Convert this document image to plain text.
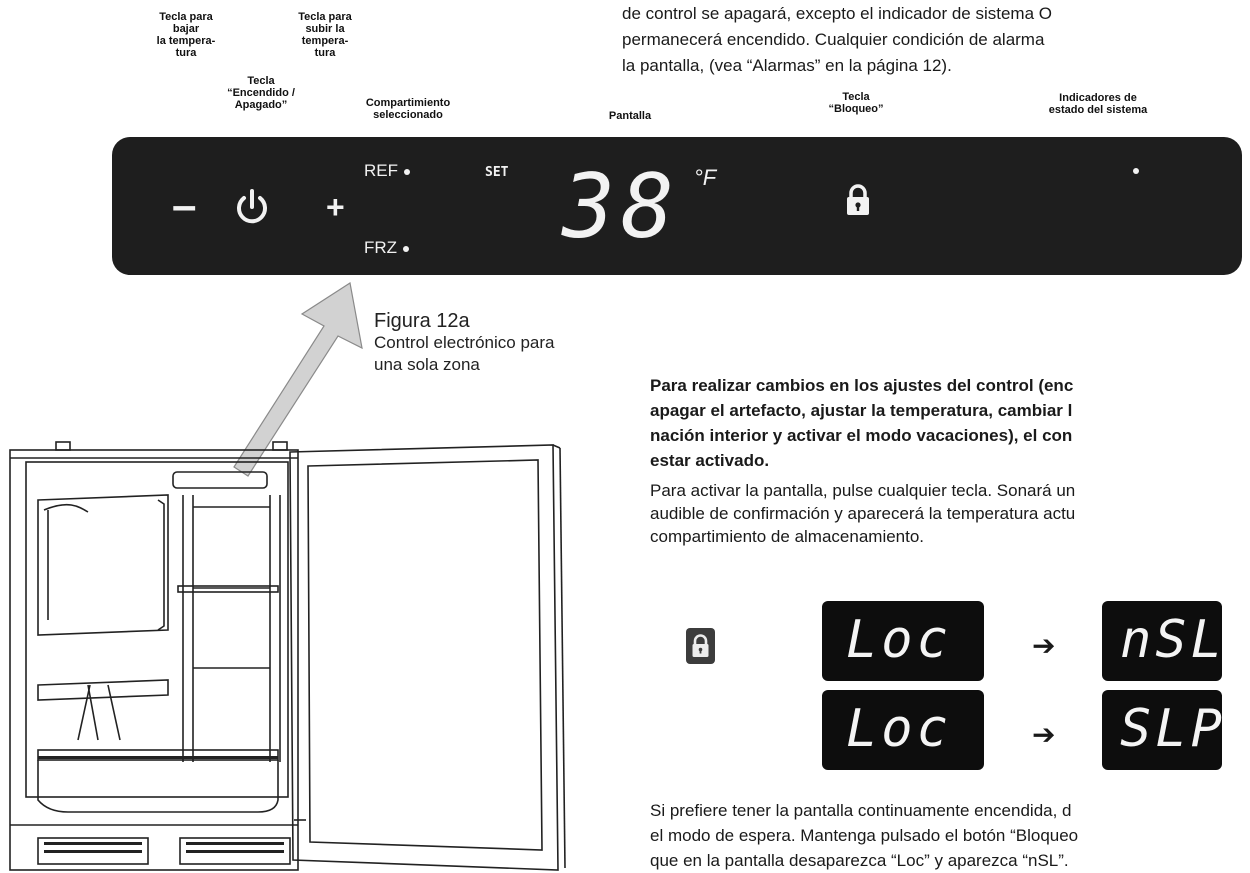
de control se apagará, excepto el indicador de sistema O
permanecerá encendido. Cualquier condición de alarma
la pantalla, (vea “Alarmas” en la página 12).
Tecla para
bajar
la tempera-
tura
Tecla para
subir la
tempera-
tura
Tecla
“Encendido /
Apagado”	Compartimiento
seleccionado	Pantalla
Tecla
“Bloqueo”
Indicadores de
estado del sistema
–	+
REF
FRZ
SET 38 °F
Figura 12a
Control electrónico para
una sola zona
Para realizar cambios en los ajustes del control (enc
apagar el artefacto, ajustar la temperatura, cambiar l
nación interior y activar el modo vacaciones), el con
estar activado.
Para activar la pantalla, pulse cualquier tecla. Sonará un
audible de confirmación y aparecerá la temperatura actu
compartimiento de almacenamiento.
Loc	➔ nSL
Loc	➔ SLP
Si prefiere tener la pantalla continuamente encendida, d
el modo de espera. Mantenga pulsado el botón “Bloqueo
que en la pantalla desaparezca “Loc” y aparezca “nSL”.
